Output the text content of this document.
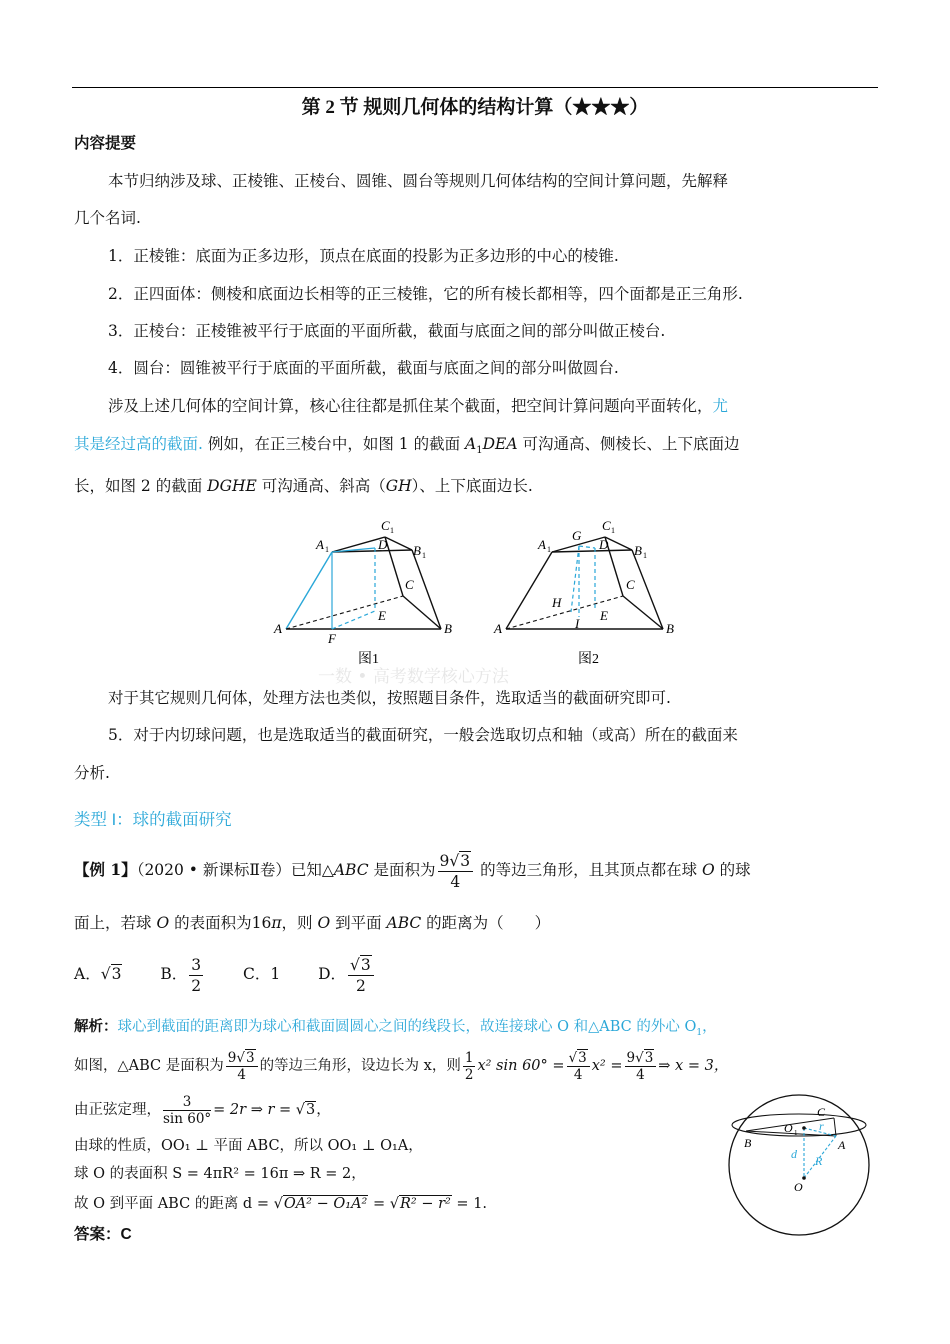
第 2 节 规则几何体的结构计算（★★★）
内容提要
本节归纳涉及球、正棱锥、正棱台、圆锥、圆台等规则几何体结构的空间计算问题，先解释
几个名词.
1．正棱锥：底面为正多边形，顶点在底面的投影为正多边形的中心的棱锥.
2．正四面体：侧棱和底面边长相等的正三棱锥，它的所有棱长都相等，四个面都是正三角形.
3．正棱台：正棱锥被平行于底面的平面所截，截面与底面之间的部分叫做正棱台.
4．圆台：圆锥被平行于底面的平面所截，截面与底面之间的部分叫做圆台.
涉及上述几何体的空间计算，核心往往都是抓住某个截面，把空间计算问题向平面转化，尤
其是经过高的截面. 例如，在正三棱台中，如图 1 的截面 $A_1DEA$ 可沟通高、侧棱长、上下底面边
长，如图 2 的截面 DGHE 可沟通高、斜高（GH）、上下底面边长.
A 1
C 1
D B 1
C
E
A
F
B
图1
A 1
G
C 1
D B 1
C
H
E
I
A	B
图2
一数 • 高考数学核心方法
对于其它规则几何体，处理方法也类似，按照题目条件，选取适当的截面研究即可.
5．对于内切球问题，也是选取适当的截面研究，一般会选取切点和轴（或高）所在的截面来
分析.
类型 I：球的截面研究
【例 1】（2020 • 新课标Ⅱ卷）已知△ABC 是面积为 $\frac{9√3}{4}$ 的等边三角形，且其顶点都在球 O 的球
面上，若球 O 的表面积为16π，则 O 到平面 ABC 的距离为（　　）
A．√3	B． $\frac{3}{2}$	C．1 D． $\frac{√3}{2}$
解析：球心到截面的距离即为球心和截面圆圆心之间的线段长，故连接球心 O 和△ABC 的外心 $O_1$，
如图，△ABC 是面积为 $\frac{9√3}{4}$ 的等边三角形，设边长为 x，则 $\frac{1}{2} x^2$ $\sin 60^\circ = \frac{√3}{4} x^2 = \frac{9√3}{4}$ ⇒ x = 3，
由正弦定理， $\frac{3}{\sin 60^\circ} = 2r$ ⇒ r = √3，
由球的性质，OO₁ ⊥ 平面 ABC，所以 OO₁ ⊥ O₁A，
球 O 的表面积 S = 4πR² = 16π ⇒ R = 2，
故 O 到平面 ABC 的距离 d = √OA² − O₁A² = √R² − r² = 1.
答案：C
C
O 1 r
B	A
d R
O
